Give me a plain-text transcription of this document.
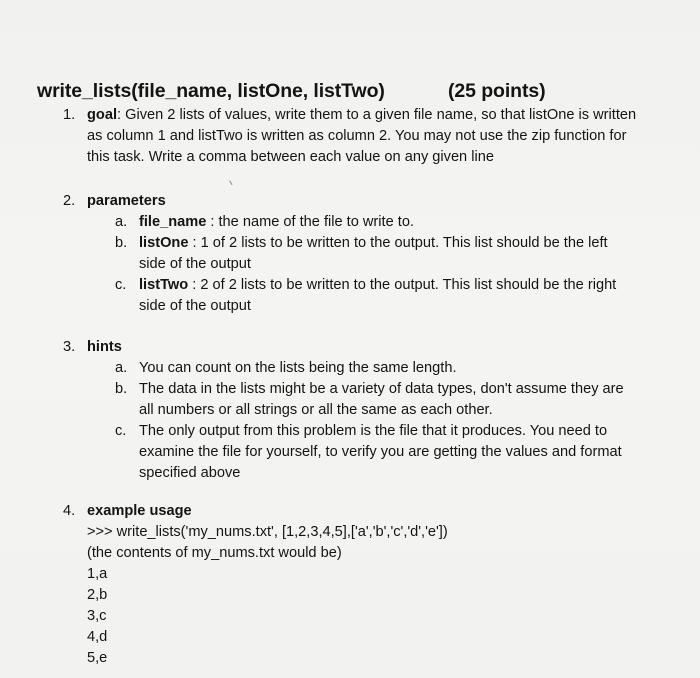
write_lists(file_name, listOne, listTwo)	(25 points)
1. goal: Given 2 lists of values, write them to a given file name, so that listOne is written
as column 1 and listTwo is written as column 2. You may not use the zip function for
this task. Write a comma between each value on any given line
2. parameters
a. file_name : the name of the file to write to.
b. listOne : 1 of 2 lists to be written to the output. This list should be the left
side of the output
c. listTwo : 2 of 2 lists to be written to the output. This list should be the right
side of the output
3. hints
a. You can count on the lists being the same length.
b. The data in the lists might be a variety of data types, don't assume they are
all numbers or all strings or all the same as each other.
c. The only output from this problem is the file that it produces. You need to
examine the file for yourself, to verify you are getting the values and format
specified above
4. example usage
>>> write_lists('my_nums.txt', [1,2,3,4,5],['a','b','c','d','e'])
(the contents of my_nums.txt would be)
1,a
2,b
3,c
4,d
5,e
